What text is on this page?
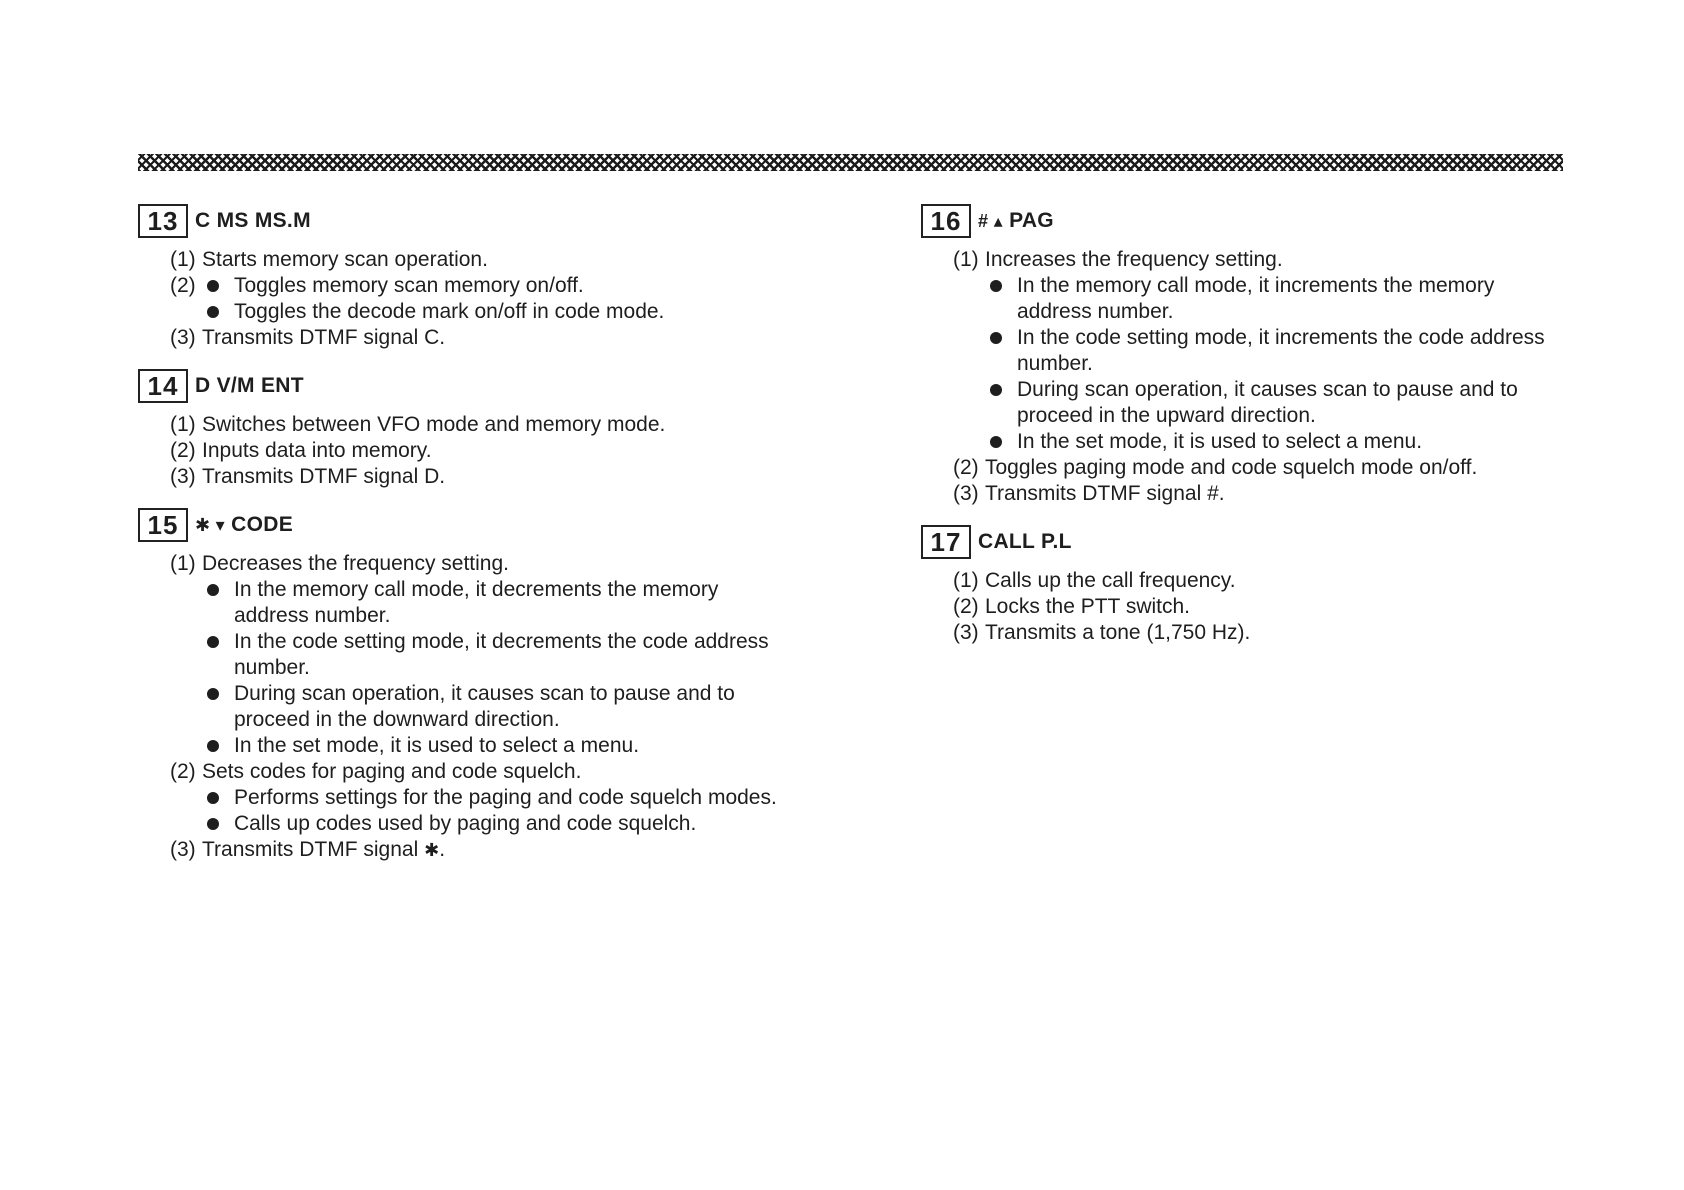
13 C MS MS.M
(1) Starts memory scan operation.
(2) Toggles memory scan memory on/off.
Toggles the decode mark on/off in code mode.
(3) Transmits DTMF signal C.
14 D V/M ENT
(1) Switches between VFO mode and memory mode.
(2) Inputs data into memory.
(3) Transmits DTMF signal D.
15 ✱ ▾ CODE
(1) Decreases the frequency setting.
In the memory call mode, it decrements the memory address number.
In the code setting mode, it decrements the code address number.
During scan operation, it causes scan to pause and to proceed in the downward direction.
In the set mode, it is used to select a menu.
(2) Sets codes for paging and code squelch.
Performs settings for the paging and code squelch modes.
Calls up codes used by paging and code squelch.
(3) Transmits DTMF signal ✱.
16 # ▴ PAG
(1) Increases the frequency setting.
In the memory call mode, it increments the memory address number.
In the code setting mode, it increments the code address number.
During scan operation, it causes scan to pause and to proceed in the upward direction.
In the set mode, it is used to select a menu.
(2) Toggles paging mode and code squelch mode on/off.
(3) Transmits DTMF signal #.
17 CALL P.L
(1) Calls up the call frequency.
(2) Locks the PTT switch.
(3) Transmits a tone (1,750 Hz).
